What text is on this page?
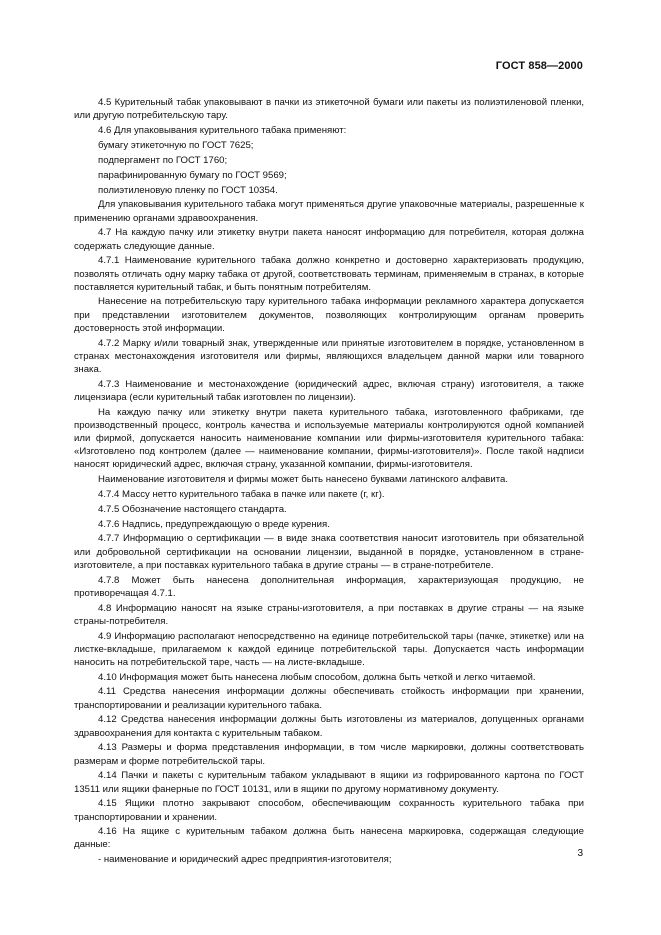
ГОСТ 858—2000

4.5 Курительный табак упаковывают в пачки из этикеточной бумаги или пакеты из полиэтиленовой пленки, или другую потребительскую тару.

4.6 Для упаковывания курительного табака применяют:

бумагу этикеточную по ГОСТ 7625;

подпергамент по ГОСТ 1760;

парафинированную бумагу по ГОСТ 9569;

полиэтиленовую пленку по ГОСТ 10354.

Для упаковывания курительного табака могут применяться другие упаковочные материалы, разрешенные к применению органами здравоохранения.

4.7 На каждую пачку или этикетку внутри пакета наносят информацию для потребителя, которая должна содержать следующие данные.

4.7.1 Наименование курительного табака должно конкретно и достоверно характеризовать продукцию, позволять отличать одну марку табака от другой, соответствовать терминам, применяемым в странах, в которые поставляется курительный табак, и быть понятным потребителям.

Нанесение на потребительскую тару курительного табака информации рекламного характера допускается при представлении изготовителем документов, позволяющих контролирующим органам проверить достоверность этой информации.

4.7.2 Марку и/или товарный знак, утвержденные или принятые изготовителем в порядке, установленном в странах местонахождения изготовителя или фирмы, являющихся владельцем данной марки или товарного знака.

4.7.3 Наименование и местонахождение (юридический адрес, включая страну) изготовителя, а также лицензиара (если курительный табак изготовлен по лицензии).

На каждую пачку или этикетку внутри пакета курительного табака, изготовленного фабриками, где производственный процесс, контроль качества и используемые материалы контролируются одной компанией или фирмой, допускается наносить наименование компании или фирмы-изготовителя курительного табака: «Изготовлено под контролем (далее — наименование компании, фирмы-изготовителя)». После такой надписи наносят юридический адрес, включая страну, указанной компании, фирмы-изготовителя.

Наименование изготовителя и фирмы может быть нанесено буквами латинского алфавита.

4.7.4 Массу нетто курительного табака в пачке или пакете (г, кг).

4.7.5 Обозначение настоящего стандарта.

4.7.6 Надпись, предупреждающую о вреде курения.

4.7.7 Информацию о сертификации — в виде знака соответствия наносит изготовитель при обязательной или добровольной сертификации на основании лицензии, выданной в порядке, установленном в стране-изготовителе, а при поставках курительного табака в другие страны — в стране-потребителе.

4.7.8 Может быть нанесена дополнительная информация, характеризующая продукцию, не противоречащая 4.7.1.

4.8 Информацию наносят на языке страны-изготовителя, а при поставках в другие страны — на языке страны-потребителя.

4.9 Информацию располагают непосредственно на единице потребительской тары (пачке, этикетке) или на листке-вкладыше, прилагаемом к каждой единице потребительской тары. Допускается часть информации наносить на потребительской таре, часть — на листе-вкладыше.

4.10 Информация может быть нанесена любым способом, должна быть четкой и легко читаемой.

4.11 Средства нанесения информации должны обеспечивать стойкость информации при хранении, транспортировании и реализации курительного табака.

4.12 Средства нанесения информации должны быть изготовлены из материалов, допущенных органами здравоохранения для контакта с курительным табаком.

4.13 Размеры и форма представления информации, в том числе маркировки, должны соответствовать размерам и форме потребительской тары.

4.14 Пачки и пакеты с курительным табаком укладывают в ящики из гофрированного картона по ГОСТ 13511 или ящики фанерные по ГОСТ 10131, или в ящики по другому нормативному документу.

4.15 Ящики плотно закрывают способом, обеспечивающим сохранность курительного табака при транспортировании и хранении.

4.16 На ящике с курительным табаком должна быть нанесена маркировка, содержащая следующие данные:

- наименование и юридический адрес предприятия-изготовителя;

3
